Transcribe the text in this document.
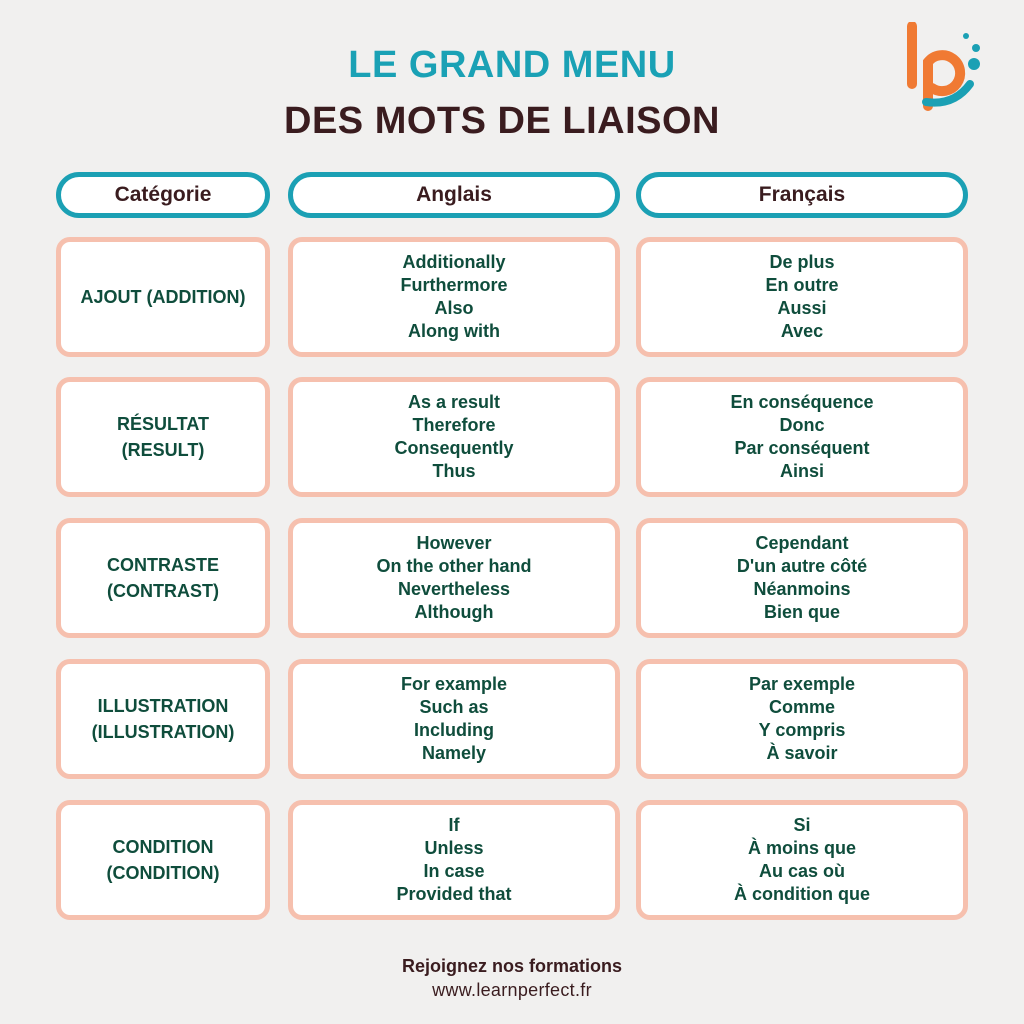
LE GRAND MENU
DES MOTS DE LIAISON
Catégorie	Anglais	Français
AJOUT (ADDITION)
Additionally
Furthermore
Also
Along with
De plus
En outre
Aussi
Avec
RÉSULTAT
(RESULT)
As a result
Therefore
Consequently
Thus
En conséquence
Donc
Par conséquent
Ainsi
CONTRASTE
(CONTRAST)
However
On the other hand
Nevertheless
Although
Cependant
D'un autre côté
Néanmoins
Bien que
ILLUSTRATION
(ILLUSTRATION)
For example
Such as
Including
Namely
Par exemple
Comme
Y compris
À savoir
CONDITION
(CONDITION)
If
Unless
In case
Provided that
Si
À moins que
Au cas où
À condition que
Rejoignez nos formations
www.learnperfect.fr
